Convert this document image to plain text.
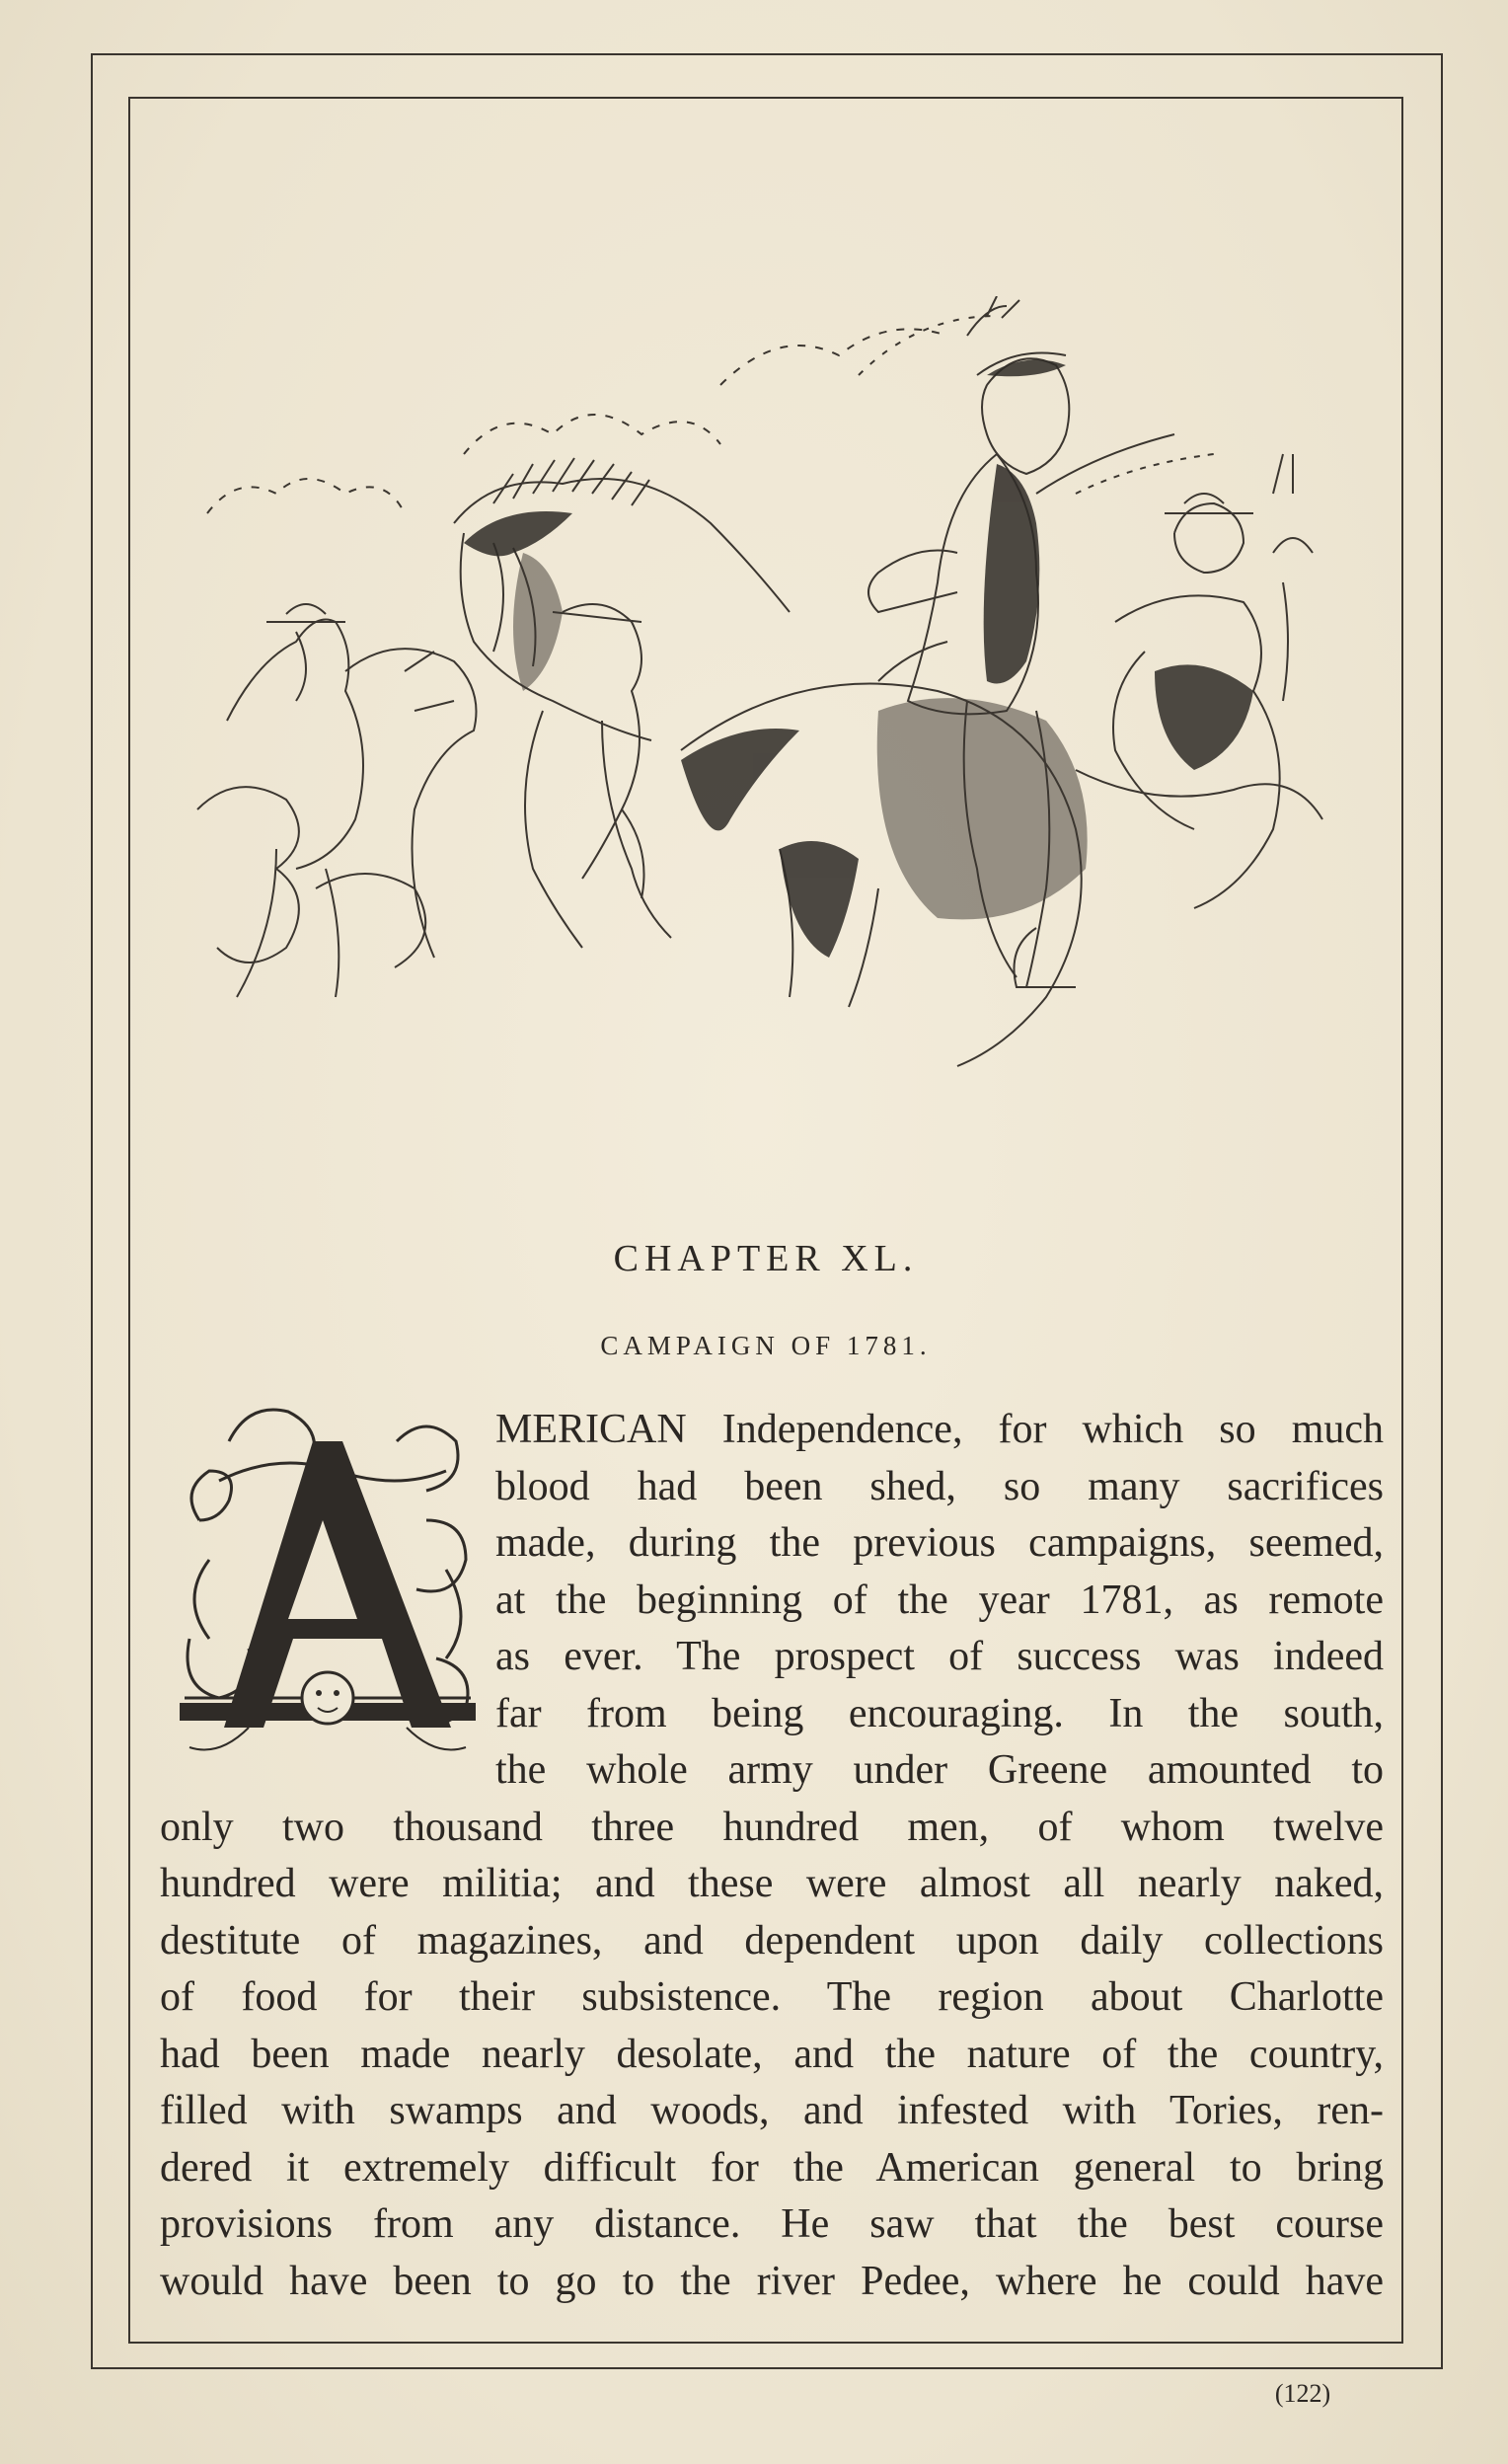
CHAPTER XL.
CAMPAIGN OF 1781.
MERICAN Independence, for which so much
blood had been shed, so many sacrifices
made, during the previous campaigns, seemed,
at the beginning of the year 1781, as remote
as ever. The prospect of success was indeed
far from being encouraging. In the south,
the whole army under Greene amounted to
only two thousand three hundred men, of whom twelve
hundred were militia; and these were almost all nearly naked,
destitute of magazines, and dependent upon daily collections
of food for their subsistence. The region about Charlotte
had been made nearly desolate, and the nature of the country,
filled with swamps and woods, and infested with Tories, ren-
dered it extremely difficult for the American general to bring
provisions from any distance. He saw that the best course
would have been to go to the river Pedee, where he could have
(122)
